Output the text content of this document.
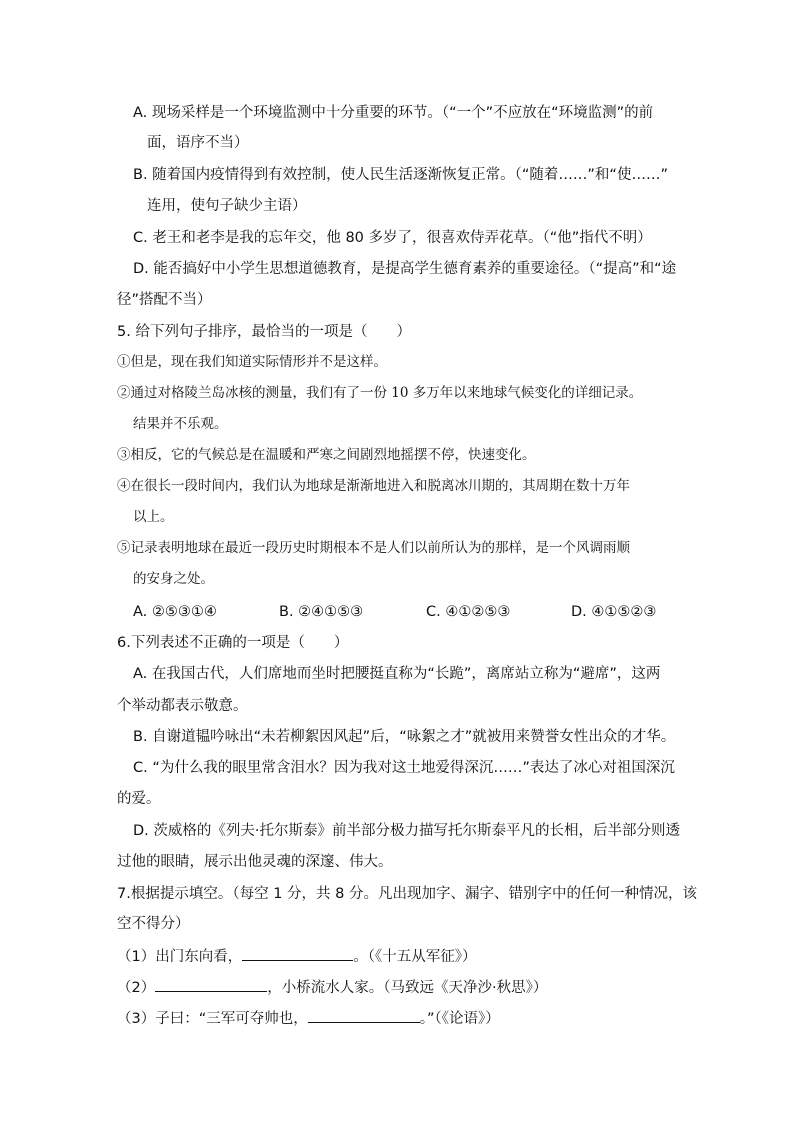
A. 现场采样是一个环境监测中十分重要的环节。（“一个”不应放在“环境监测”的前
面，语序不当）
B. 随着国内疫情得到有效控制，使人民生活逐渐恢复正常。（“随着……”和“使……”
连用，使句子缺少主语）
C. 老王和老李是我的忘年交，他 80 多岁了，很喜欢侍弄花草。（“他”指代不明）
D. 能否搞好中小学生思想道德教育，是提高学生德育素养的重要途径。（“提高”和“途
径”搭配不当）
5. 给下列句子排序，最恰当的一项是（　　）
①但是，现在我们知道实际情形并不是这样。
②通过对格陵兰岛冰核的测量，我们有了一份 10 多万年以来地球气候变化的详细记录。
结果并不乐观。
③相反，它的气候总是在温暖和严寒之间剧烈地摇摆不停，快速变化。
④在很长一段时间内，我们认为地球是渐渐地进入和脱离冰川期的，其周期在数十万年
以上。
⑤记录表明地球在最近一段历史时期根本不是人们以前所认为的那样，是一个风调雨顺
的安身之处。
A. ②⑤③①④	B. ②④①⑤③	C. ④①②⑤③	D. ④①⑤②③
6.下列表述不正确的一项是（　　）
A. 在我国古代，人们席地而坐时把腰挺直称为“长跪”，离席站立称为“避席”，这两
个举动都表示敬意。
B. 自谢道韫吟咏出“未若柳絮因风起”后，“咏絮之才”就被用来赞誉女性出众的才华。
C. “为什么我的眼里常含泪水？因为我对这土地爱得深沉……”表达了冰心对祖国深沉
的爱。
D. 茨威格的《列夫·托尔斯泰》前半部分极力描写托尔斯泰平凡的长相，后半部分则透
过他的眼睛，展示出他灵魂的深邃、伟大。
7.根据提示填空。（每空 1 分，共 8 分。凡出现加字、漏字、错别字中的任何一种情况，该
空不得分）
（1）出门东向看，	。（《十五从军征》）
（2）	，小桥流水人家。（马致远《天净沙·秋思》）
（3）子曰：“三军可夺帅也，	。”（《论语》）
